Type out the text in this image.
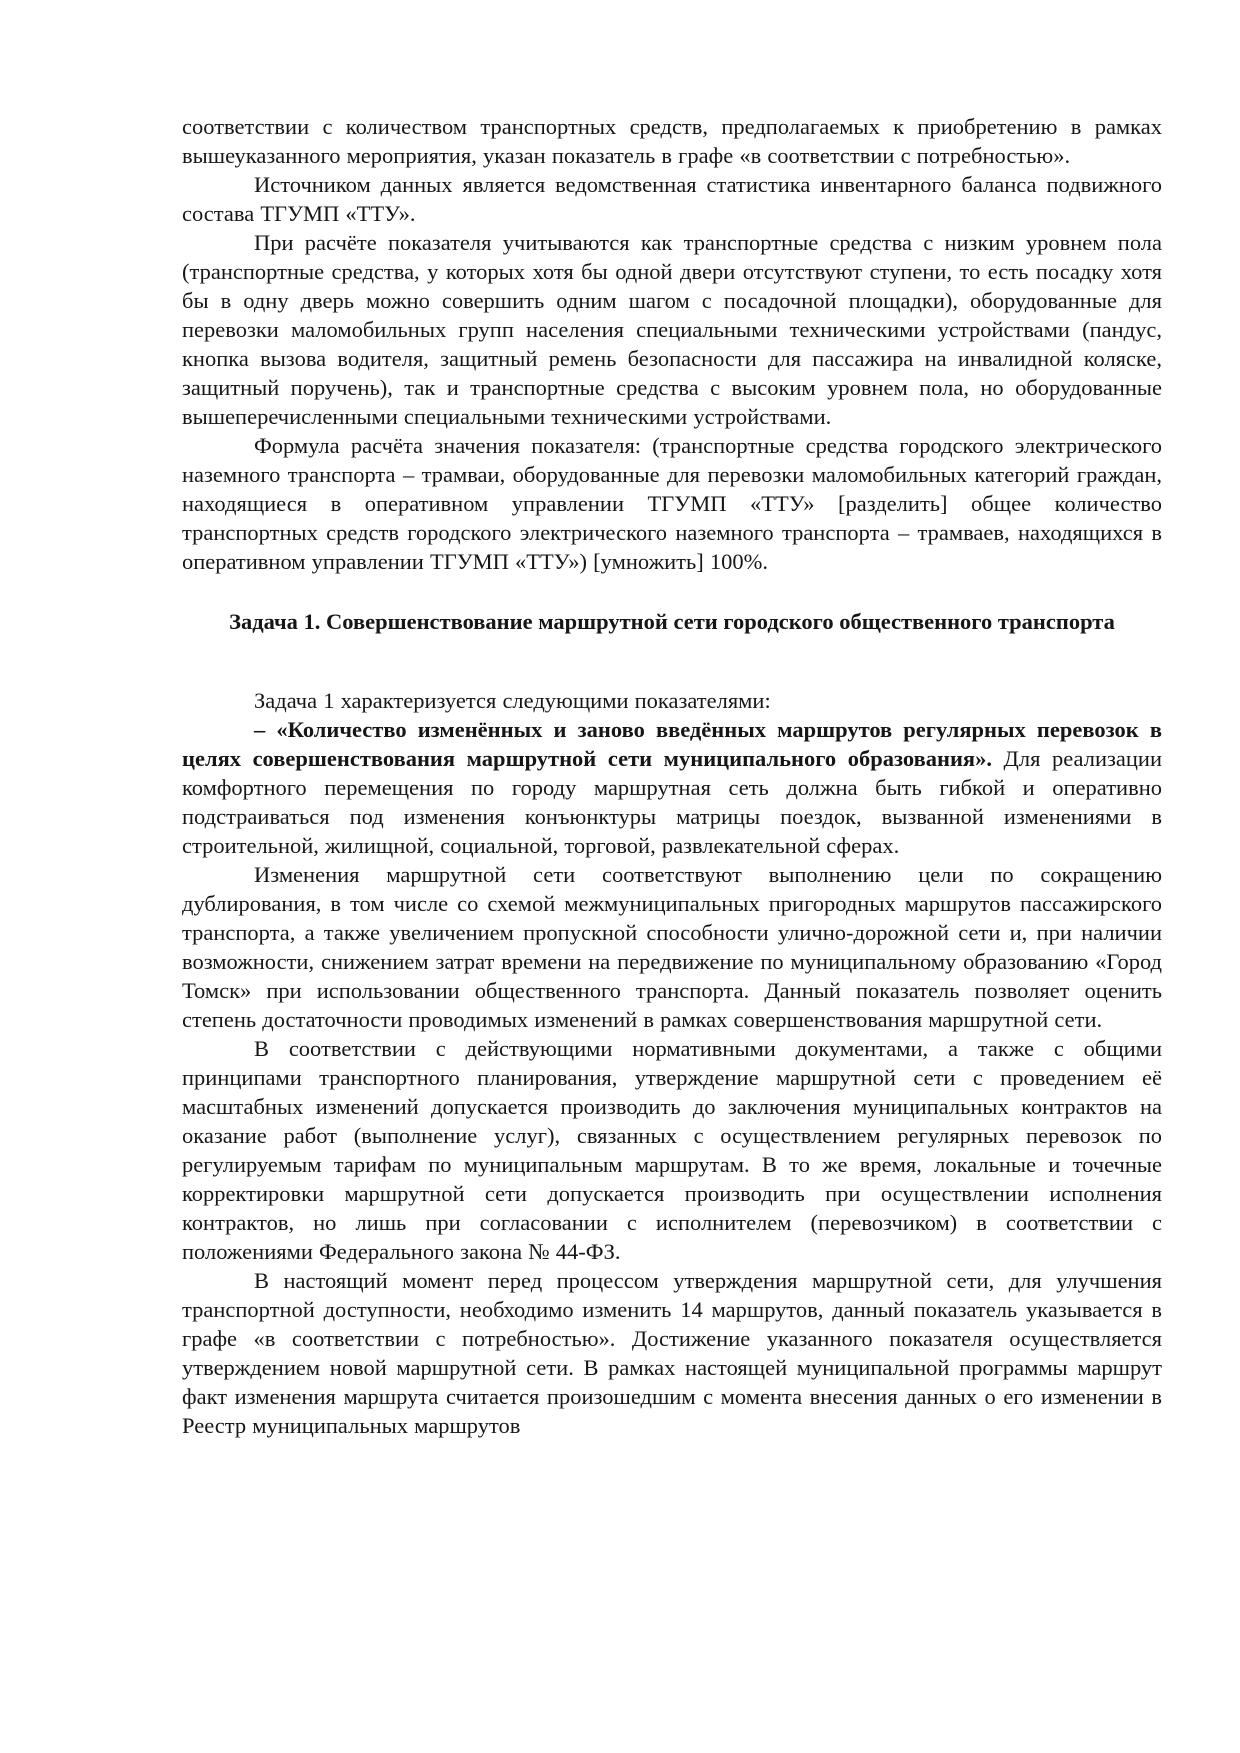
соответствии с количеством транспортных средств, предполагаемых к приобретению в рамках вышеуказанного мероприятия, указан показатель в графе «в соответствии с потребностью».

Источником данных является ведомственная статистика инвентарного баланса подвижного состава ТГУМП «ТТУ».

При расчёте показателя учитываются как транспортные средства с низким уровнем пола (транспортные средства, у которых хотя бы одной двери отсутствуют ступени, то есть посадку хотя бы в одну дверь можно совершить одним шагом с посадочной площадки), оборудованные для перевозки маломобильных групп населения специальными техническими устройствами (пандус, кнопка вызова водителя, защитный ремень безопасности для пассажира на инвалидной коляске, защитный поручень), так и транспортные средства с высоким уровнем пола, но оборудованные вышеперечисленными специальными техническими устройствами.

Формула расчёта значения показателя: (транспортные средства городского электрического наземного транспорта – трамваи, оборудованные для перевозки маломобильных категорий граждан, находящиеся в оперативном управлении ТГУМП «ТТУ» [разделить] общее количество транспортных средств городского электрического наземного транспорта – трамваев, находящихся в оперативном управлении ТГУМП «ТТУ») [умножить] 100%.

Задача 1. Совершенствование маршрутной сети городского общественного транспорта

Задача 1 характеризуется следующими показателями:

– «Количество изменённых и заново введённых маршрутов регулярных перевозок в целях совершенствования маршрутной сети муниципального образования». Для реализации комфортного перемещения по городу маршрутная сеть должна быть гибкой и оперативно подстраиваться под изменения конъюнктуры матрицы поездок, вызванной изменениями в строительной, жилищной, социальной, торговой, развлекательной сферах.

Изменения маршрутной сети соответствуют выполнению цели по сокращению дублирования, в том числе со схемой межмуниципальных пригородных маршрутов пассажирского транспорта, а также увеличением пропускной способности улично-дорожной сети и, при наличии возможности, снижением затрат времени на передвижение по муниципальному образованию «Город Томск» при использовании общественного транспорта. Данный показатель позволяет оценить степень достаточности проводимых изменений в рамках совершенствования маршрутной сети.

В соответствии с действующими нормативными документами, а также с общими принципами транспортного планирования, утверждение маршрутной сети с проведением её масштабных изменений допускается производить до заключения муниципальных контрактов на оказание работ (выполнение услуг), связанных с осуществлением регулярных перевозок по регулируемым тарифам по муниципальным маршрутам. В то же время, локальные и точечные корректировки маршрутной сети допускается производить при осуществлении исполнения контрактов, но лишь при согласовании с исполнителем (перевозчиком) в соответствии с положениями Федерального закона № 44-ФЗ.

В настоящий момент перед процессом утверждения маршрутной сети, для улучшения транспортной доступности, необходимо изменить 14 маршрутов, данный показатель указывается в графе «в соответствии с потребностью». Достижение указанного показателя осуществляется утверждением новой маршрутной сети. В рамках настоящей муниципальной программы маршрут факт изменения маршрута считается произошедшим с момента внесения данных о его изменении в Реестр муниципальных маршрутов
